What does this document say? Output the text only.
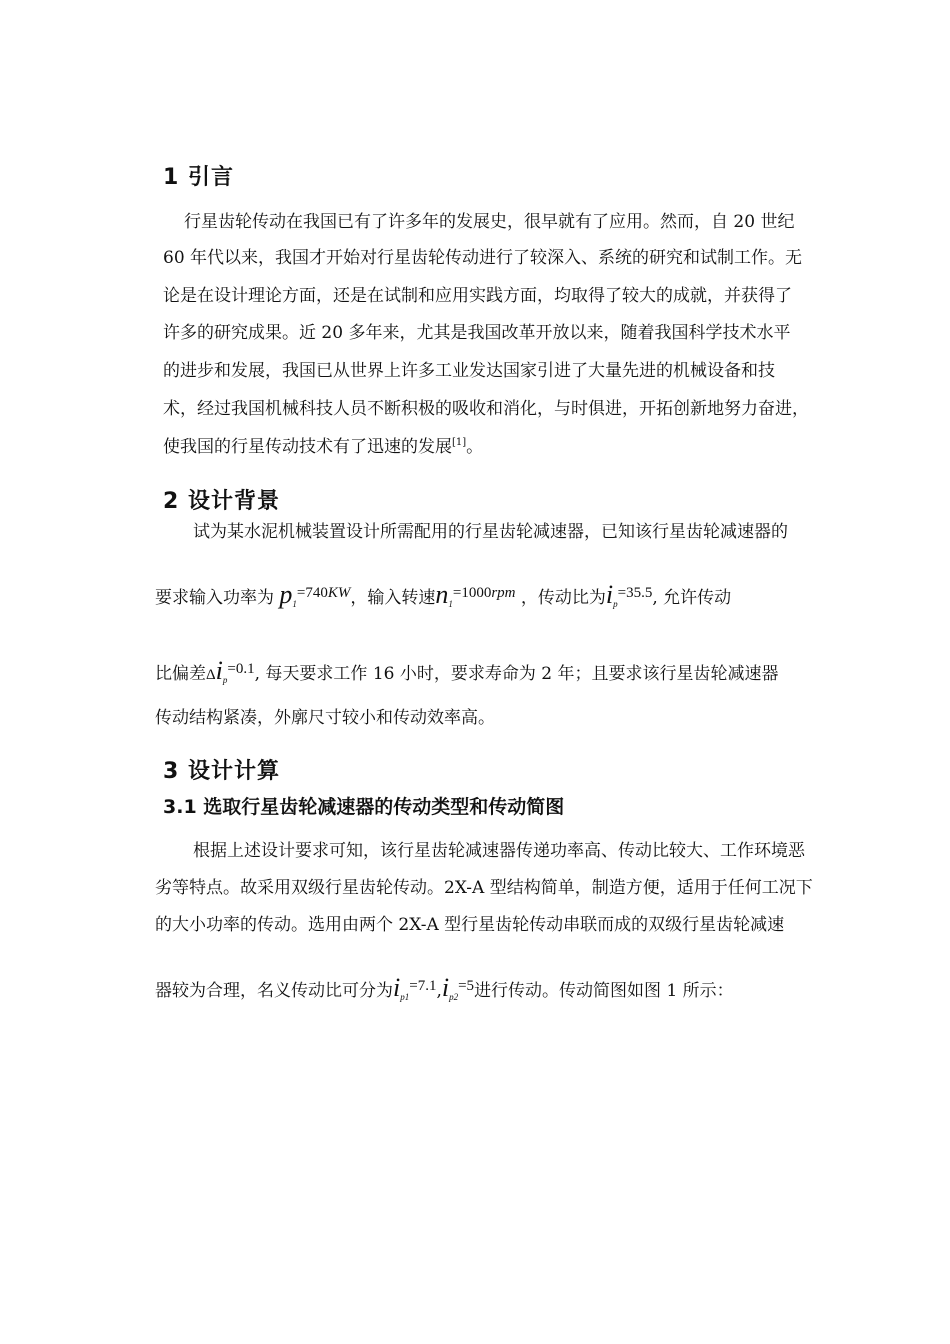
1 引言

行星齿轮传动在我国已有了许多年的发展史，很早就有了应用。然而，自 20 世纪

60 年代以来，我国才开始对行星齿轮传动进行了较深入、系统的研究和试制工作。无

论是在设计理论方面，还是在试制和应用实践方面，均取得了较大的成就，并获得了

许多的研究成果。近 20 多年来，尤其是我国改革开放以来，随着我国科学技术水平

的进步和发展，我国已从世界上许多工业发达国家引进了大量先进的机械设备和技

术，经过我国机械科技人员不断积极的吸收和消化，与时俱进，开拓创新地努力奋进，

使我国的行星传动技术有了迅速的发展[1]。

2 设计背景

试为某水泥机械装置设计所需配用的行星齿轮减速器，已知该行星齿轮减速器的

要求输入功率为 $p_1=740KW$，输入转速$n_1=1000rpm$ ，传动比为$i_p=35.5$, 允许传动

比偏差$\Delta i_p=0.1$, 每天要求工作 16 小时，要求寿命为 2 年；且要求该行星齿轮减速器

传动结构紧凑，外廓尺寸较小和传动效率高。

3 设计计算
3.1 选取行星齿轮减速器的传动类型和传动简图

根据上述设计要求可知，该行星齿轮减速器传递功率高、传动比较大、工作环境恶

劣等特点。故采用双级行星齿轮传动。2X-A 型结构简单，制造方便，适用于任何工况下

的大小功率的传动。选用由两个 2X-A 型行星齿轮传动串联而成的双级行星齿轮减速

器较为合理，名义传动比可分为$i_{p1}=7.1,i_{p2}=5$进行传动。传动简图如图 1 所示：
